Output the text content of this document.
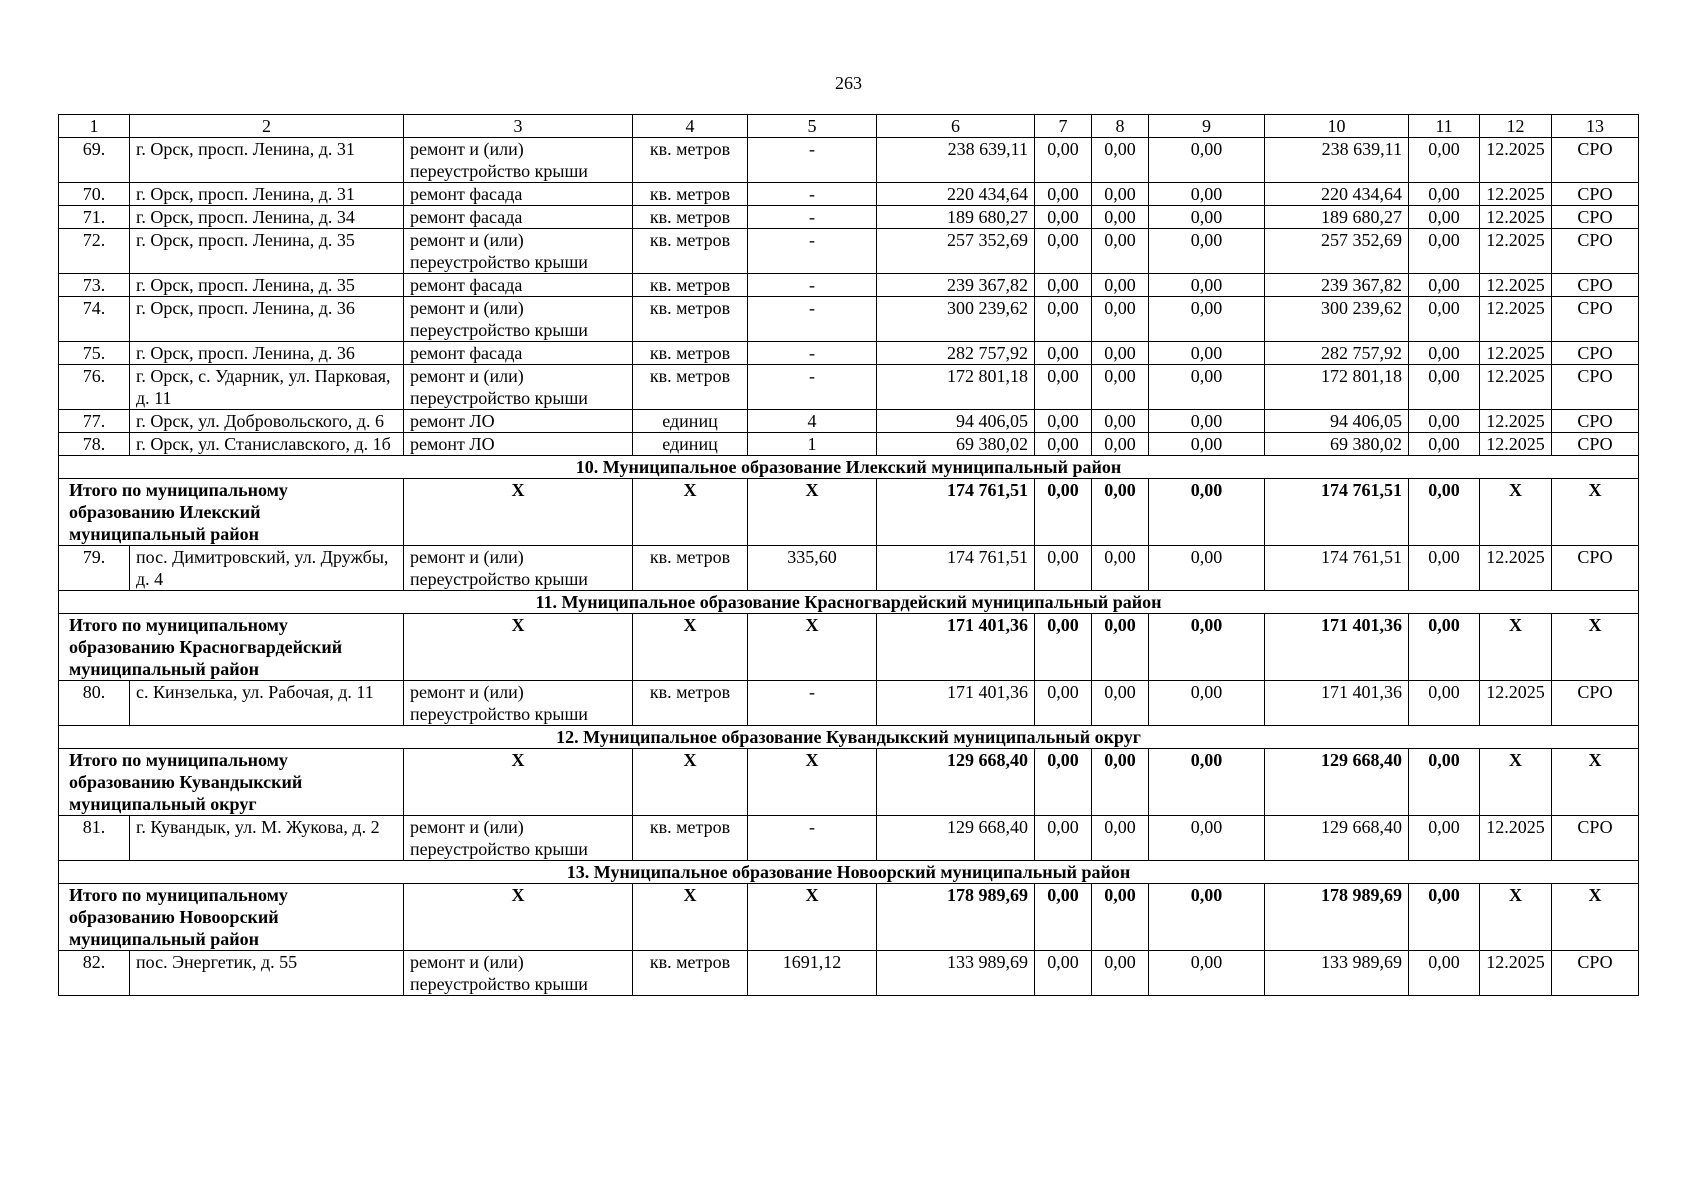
263
1	2	3	4	5	6	7	8	9	10	11	12	13
69.	г. Орск, просп. Ленина, д. 31	ремонт и (или) переустройство крыши	кв. метров	-	238 639,11	0,00	0,00	0,00	238 639,11	0,00	12.2025	СРО
70.	г. Орск, просп. Ленина, д. 31	ремонт фасада	кв. метров	-	220 434,64	0,00	0,00	0,00	220 434,64	0,00	12.2025	СРО
71.	г. Орск, просп. Ленина, д. 34	ремонт фасада	кв. метров	-	189 680,27	0,00	0,00	0,00	189 680,27	0,00	12.2025	СРО
72.	г. Орск, просп. Ленина, д. 35	ремонт и (или) переустройство крыши	кв. метров	-	257 352,69	0,00	0,00	0,00	257 352,69	0,00	12.2025	СРО
73.	г. Орск, просп. Ленина, д. 35	ремонт фасада	кв. метров	-	239 367,82	0,00	0,00	0,00	239 367,82	0,00	12.2025	СРО
74.	г. Орск, просп. Ленина, д. 36	ремонт и (или) переустройство крыши	кв. метров	-	300 239,62	0,00	0,00	0,00	300 239,62	0,00	12.2025	СРО
75.	г. Орск, просп. Ленина, д. 36	ремонт фасада	кв. метров	-	282 757,92	0,00	0,00	0,00	282 757,92	0,00	12.2025	СРО
76.	г. Орск, с. Ударник, ул. Парковая, д. 11	ремонт и (или) переустройство крыши	кв. метров	-	172 801,18	0,00	0,00	0,00	172 801,18	0,00	12.2025	СРО
77.	г. Орск, ул. Добровольского, д. 6	ремонт ЛО	единиц	4	94 406,05	0,00	0,00	0,00	94 406,05	0,00	12.2025	СРО
78.	г. Орск, ул. Станиславского, д. 1б	ремонт ЛО	единиц	1	69 380,02	0,00	0,00	0,00	69 380,02	0,00	12.2025	СРО
10. Муниципальное образование Илекский муниципальный район												
Итого по муниципальному образованию Илекский муниципальный район		Х	Х	Х	174 761,51	0,00	0,00	0,00	174 761,51	0,00	Х	Х
79.	пос. Димитровский, ул. Дружбы, д. 4	ремонт и (или) переустройство крыши	кв. метров	335,60	174 761,51	0,00	0,00	0,00	174 761,51	0,00	12.2025	СРО
11. Муниципальное образование Красногвардейский муниципальный район												
Итого по муниципальному образованию Красногвардейский муниципальный район		Х	Х	Х	171 401,36	0,00	0,00	0,00	171 401,36	0,00	Х	Х
80.	с. Кинзелька, ул. Рабочая, д. 11	ремонт и (или) переустройство крыши	кв. метров	-	171 401,36	0,00	0,00	0,00	171 401,36	0,00	12.2025	СРО
12. Муниципальное образование Кувандыкский муниципальный округ												
Итого по муниципальному образованию Кувандыкский муниципальный округ		Х	Х	Х	129 668,40	0,00	0,00	0,00	129 668,40	0,00	Х	Х
81.	г. Кувандык, ул. М. Жукова, д. 2	ремонт и (или) переустройство крыши	кв. метров	-	129 668,40	0,00	0,00	0,00	129 668,40	0,00	12.2025	СРО
13. Муниципальное образование Новоорский муниципальный район												
Итого по муниципальному образованию Новоорский муниципальный район		Х	Х	Х	178 989,69	0,00	0,00	0,00	178 989,69	0,00	Х	Х
82.	пос. Энергетик, д. 55	ремонт и (или) переустройство крыши	кв. метров	1691,12	133 989,69	0,00	0,00	0,00	133 989,69	0,00	12.2025	СРО
